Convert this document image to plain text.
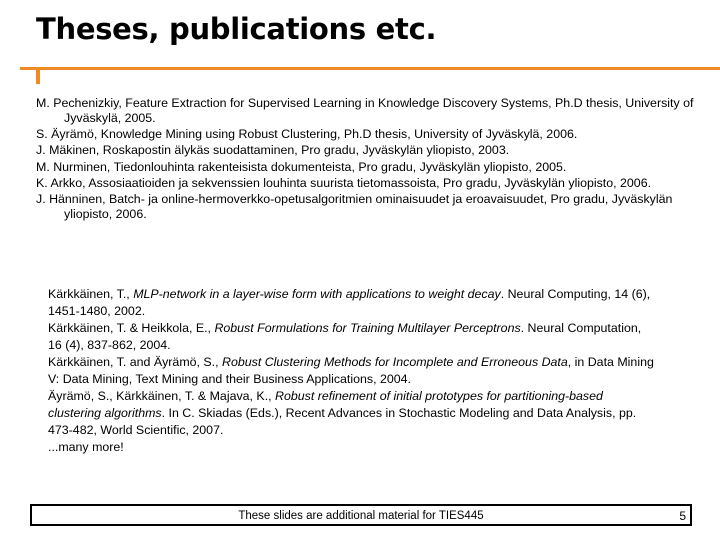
Theses, publications etc.
M. Pechenizkiy, Feature Extraction for Supervised Learning in Knowledge Discovery Systems, Ph.D thesis, University of Jyväskylä, 2005.
S. Äyrämö, Knowledge Mining using Robust Clustering, Ph.D thesis, University of Jyväskylä, 2006.
J. Mäkinen, Roskapostin älykäs suodattaminen, Pro gradu, Jyväskylän yliopisto, 2003.
M. Nurminen, Tiedonlouhinta rakenteisista dokumenteista, Pro gradu, Jyväskylän yliopisto, 2005.
K. Arkko, Assosiaatioiden ja sekvenssien louhinta suurista tietomassoista, Pro gradu, Jyväskylän yliopisto, 2006.
J. Hänninen, Batch- ja online-hermoverkko-opetusalgoritmien ominaisuudet ja eroavaisuudet, Pro gradu, Jyväskylän yliopisto, 2006.
Kärkkäinen, T., MLP-network in a layer-wise form with applications to weight decay. Neural Computing, 14 (6), 1451-1480, 2002.
Kärkkäinen, T. & Heikkola, E., Robust Formulations for Training Multilayer Perceptrons. Neural Computation, 16 (4), 837-862, 2004.
Kärkkäinen, T. and Äyrämö, S., Robust Clustering Methods for Incomplete and Erroneous Data, in Data Mining V: Data Mining, Text Mining and their Business Applications, 2004.
Äyrämö, S., Kärkkäinen, T. & Majava, K., Robust refinement of initial prototypes for partitioning-based clustering algorithms. In C. Skiadas (Eds.), Recent Advances in Stochastic Modeling and Data Analysis, pp. 473-482, World Scientific, 2007.
...many more!
These slides are additional material for TIES445	5
